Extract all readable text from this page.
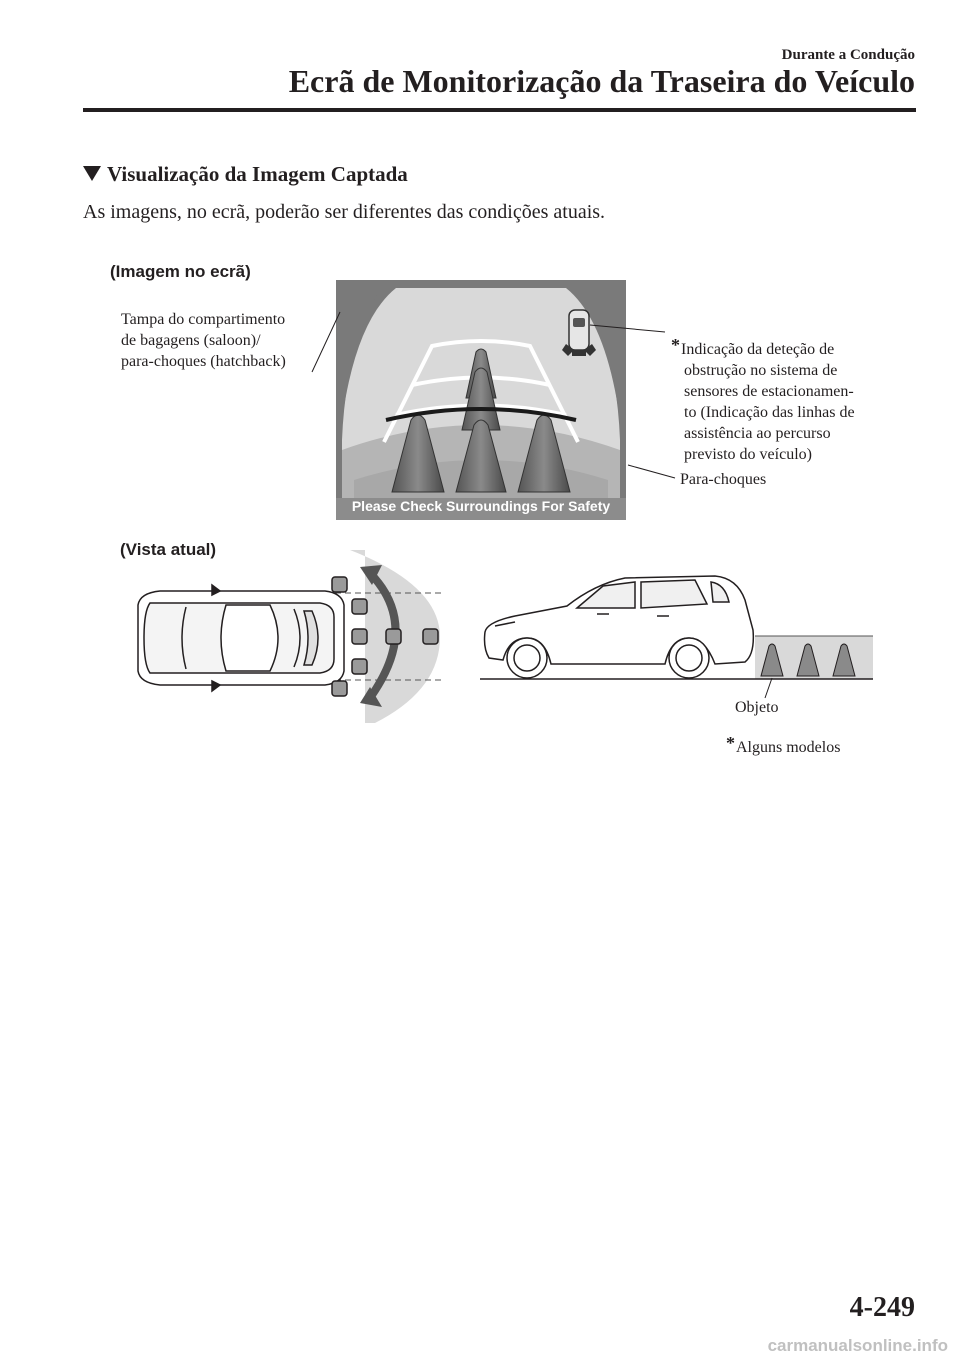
Durante a Condução
Ecrã de Monitorização da Traseira do Veículo
Visualização da Imagem Captada
As imagens, no ecrã, poderão ser diferentes das condições atuais.
(Imagem no ecrã)
Tampa do compartimento
de bagagens (saloon)/
para-choques (hatchback)
Please Check Surroundings For Safety
*Indicação da deteção de
obstrução no sistema de
sensores de estacionamen-
to (Indicação das linhas de
assistência ao percurso
previsto do veículo)
Para-choques
(Vista atual)
Objeto
*Alguns modelos
4-249
carmanualsonline.info
